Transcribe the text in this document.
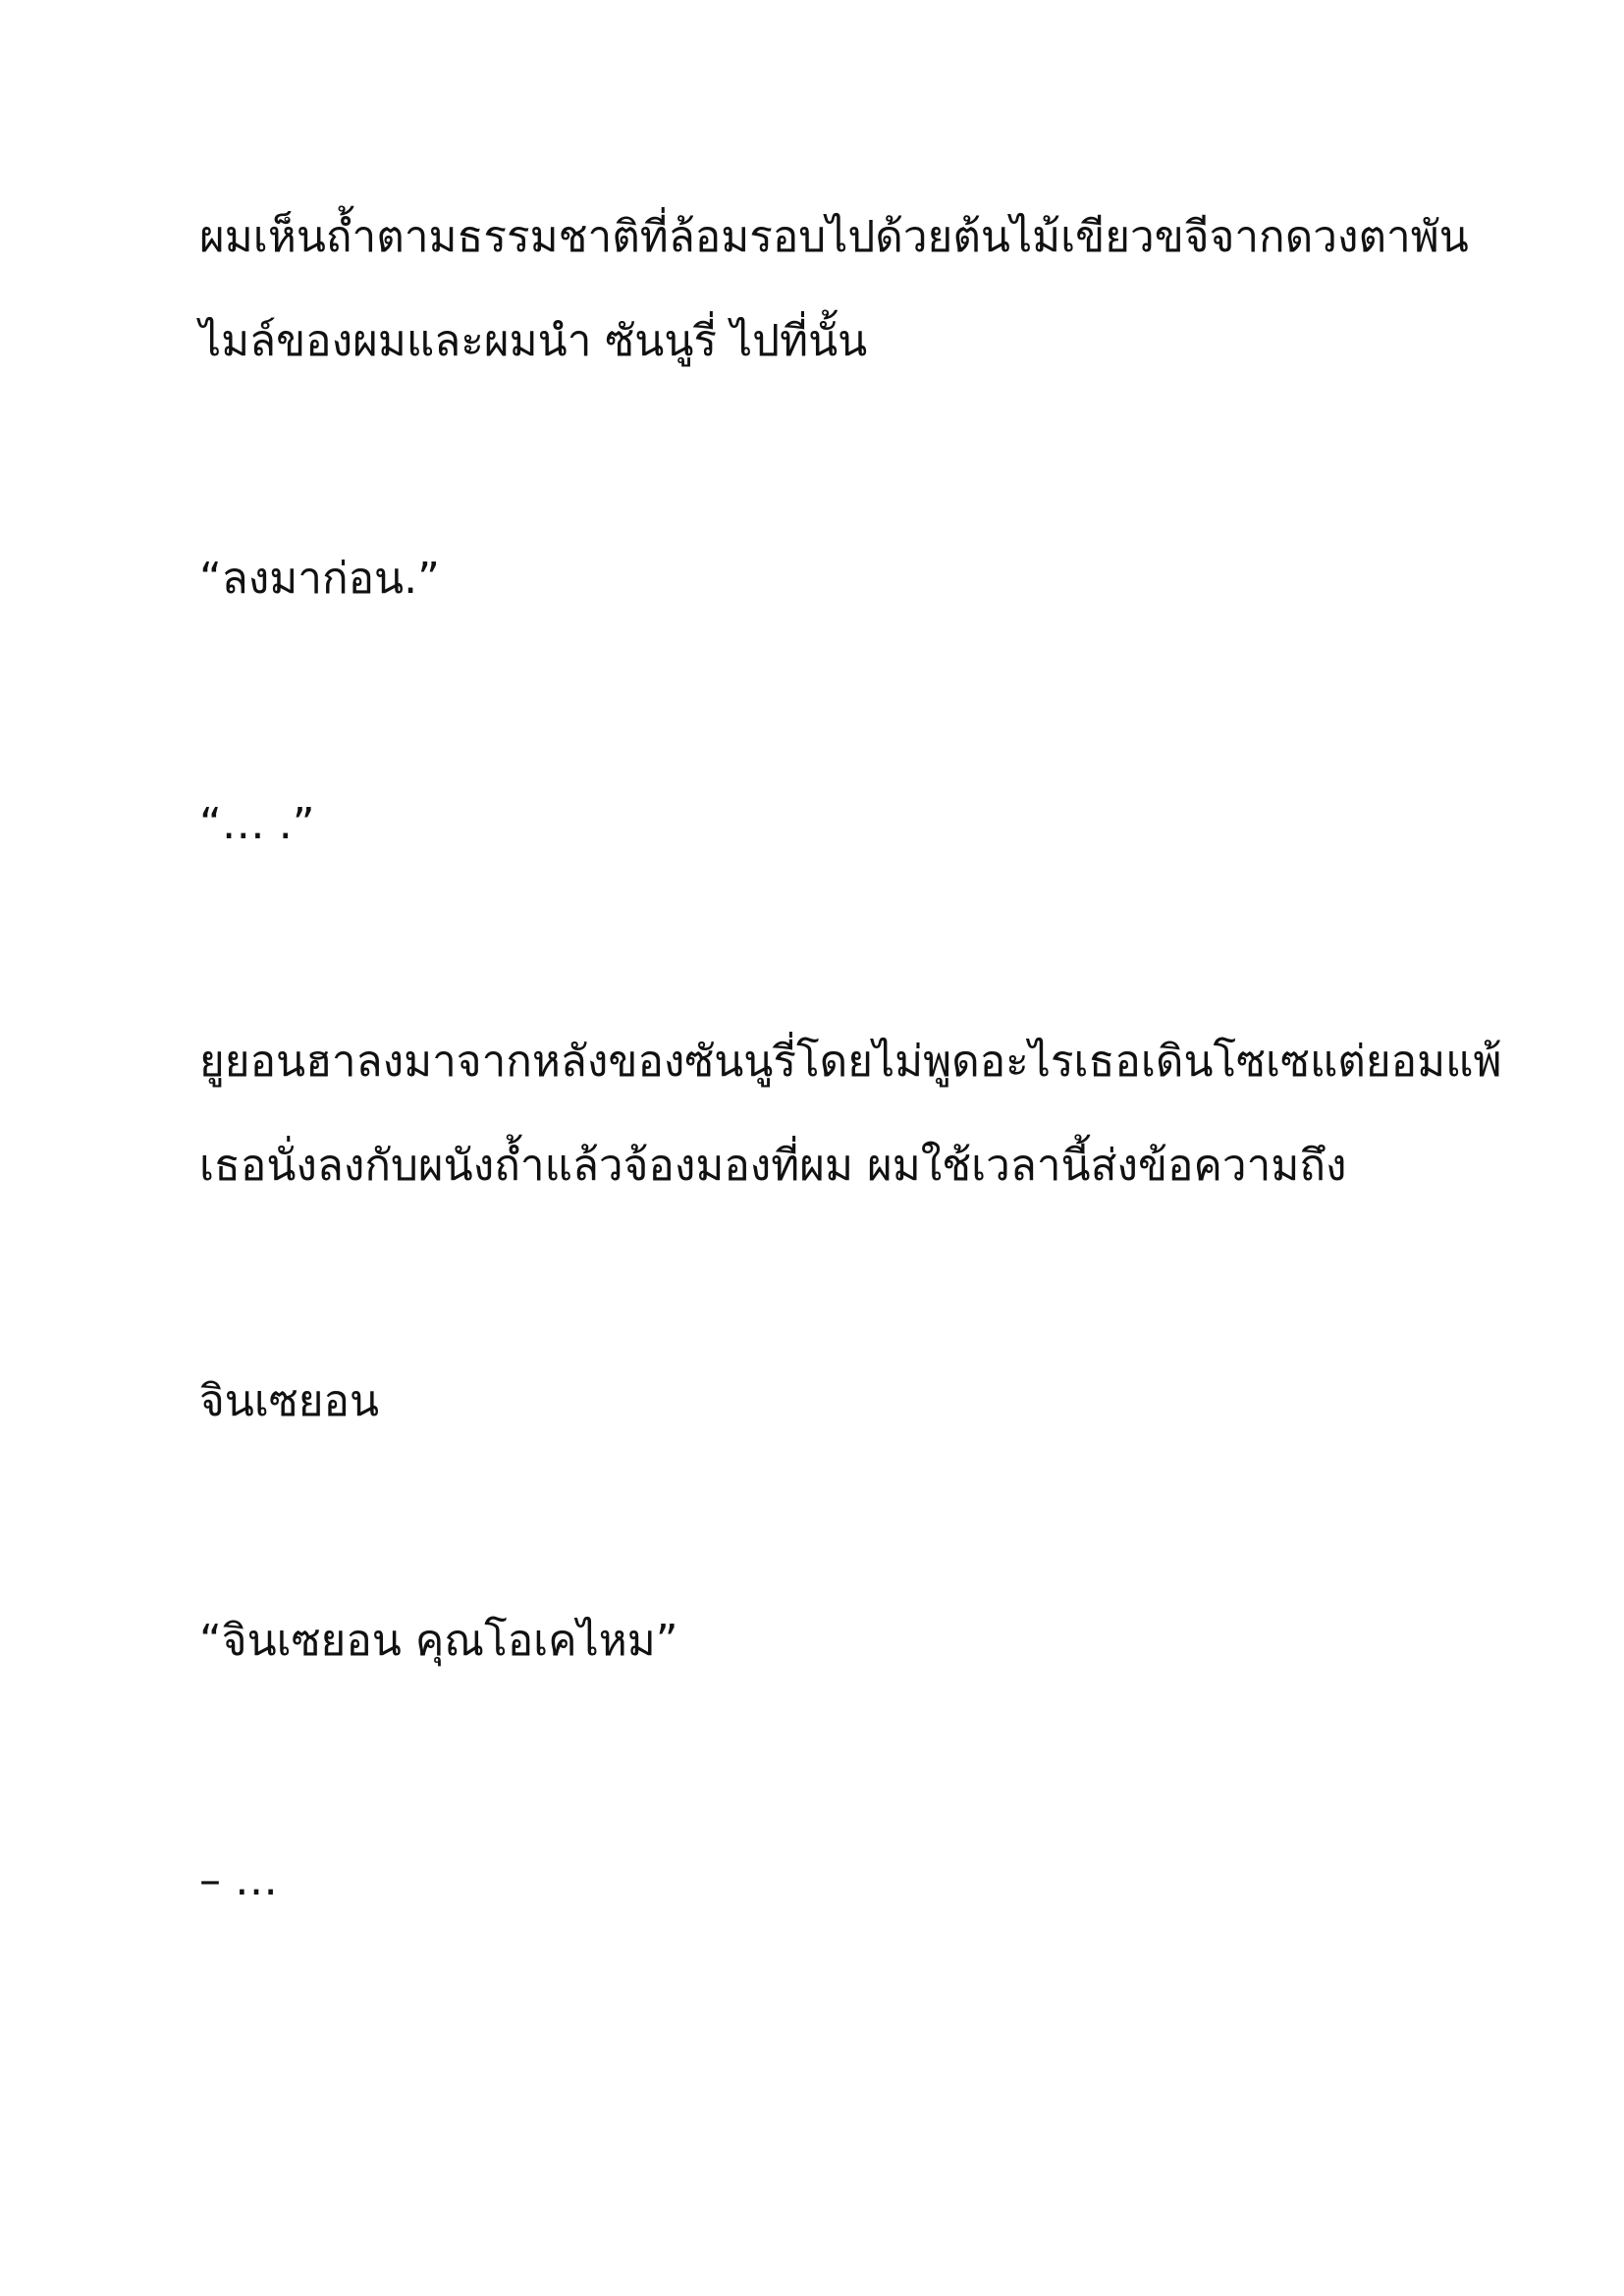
ผมเห็นถ้ำตามธรรมชาติที่ล้อมรอบไปด้วยต้นไม้เขียวขจีจากดวงตาพัน

ไมล์ของผมและผมนำ ซันนูรี่ ไปที่นั้น

“ลงมาก่อน.”

“… .”

ยูยอนฮาลงมาจากหลังของซันนูรี่โดยไม่พูดอะไรเธอเดินโซเซแต่ยอมแพ้

เธอนั่งลงกับผนังถ้ำแล้วจ้องมองที่ผม ผมใช้เวลานี้ส่งข้อความถึง

จินเซยอน

“จินเซยอน คุณโอเคไหม”

– …
